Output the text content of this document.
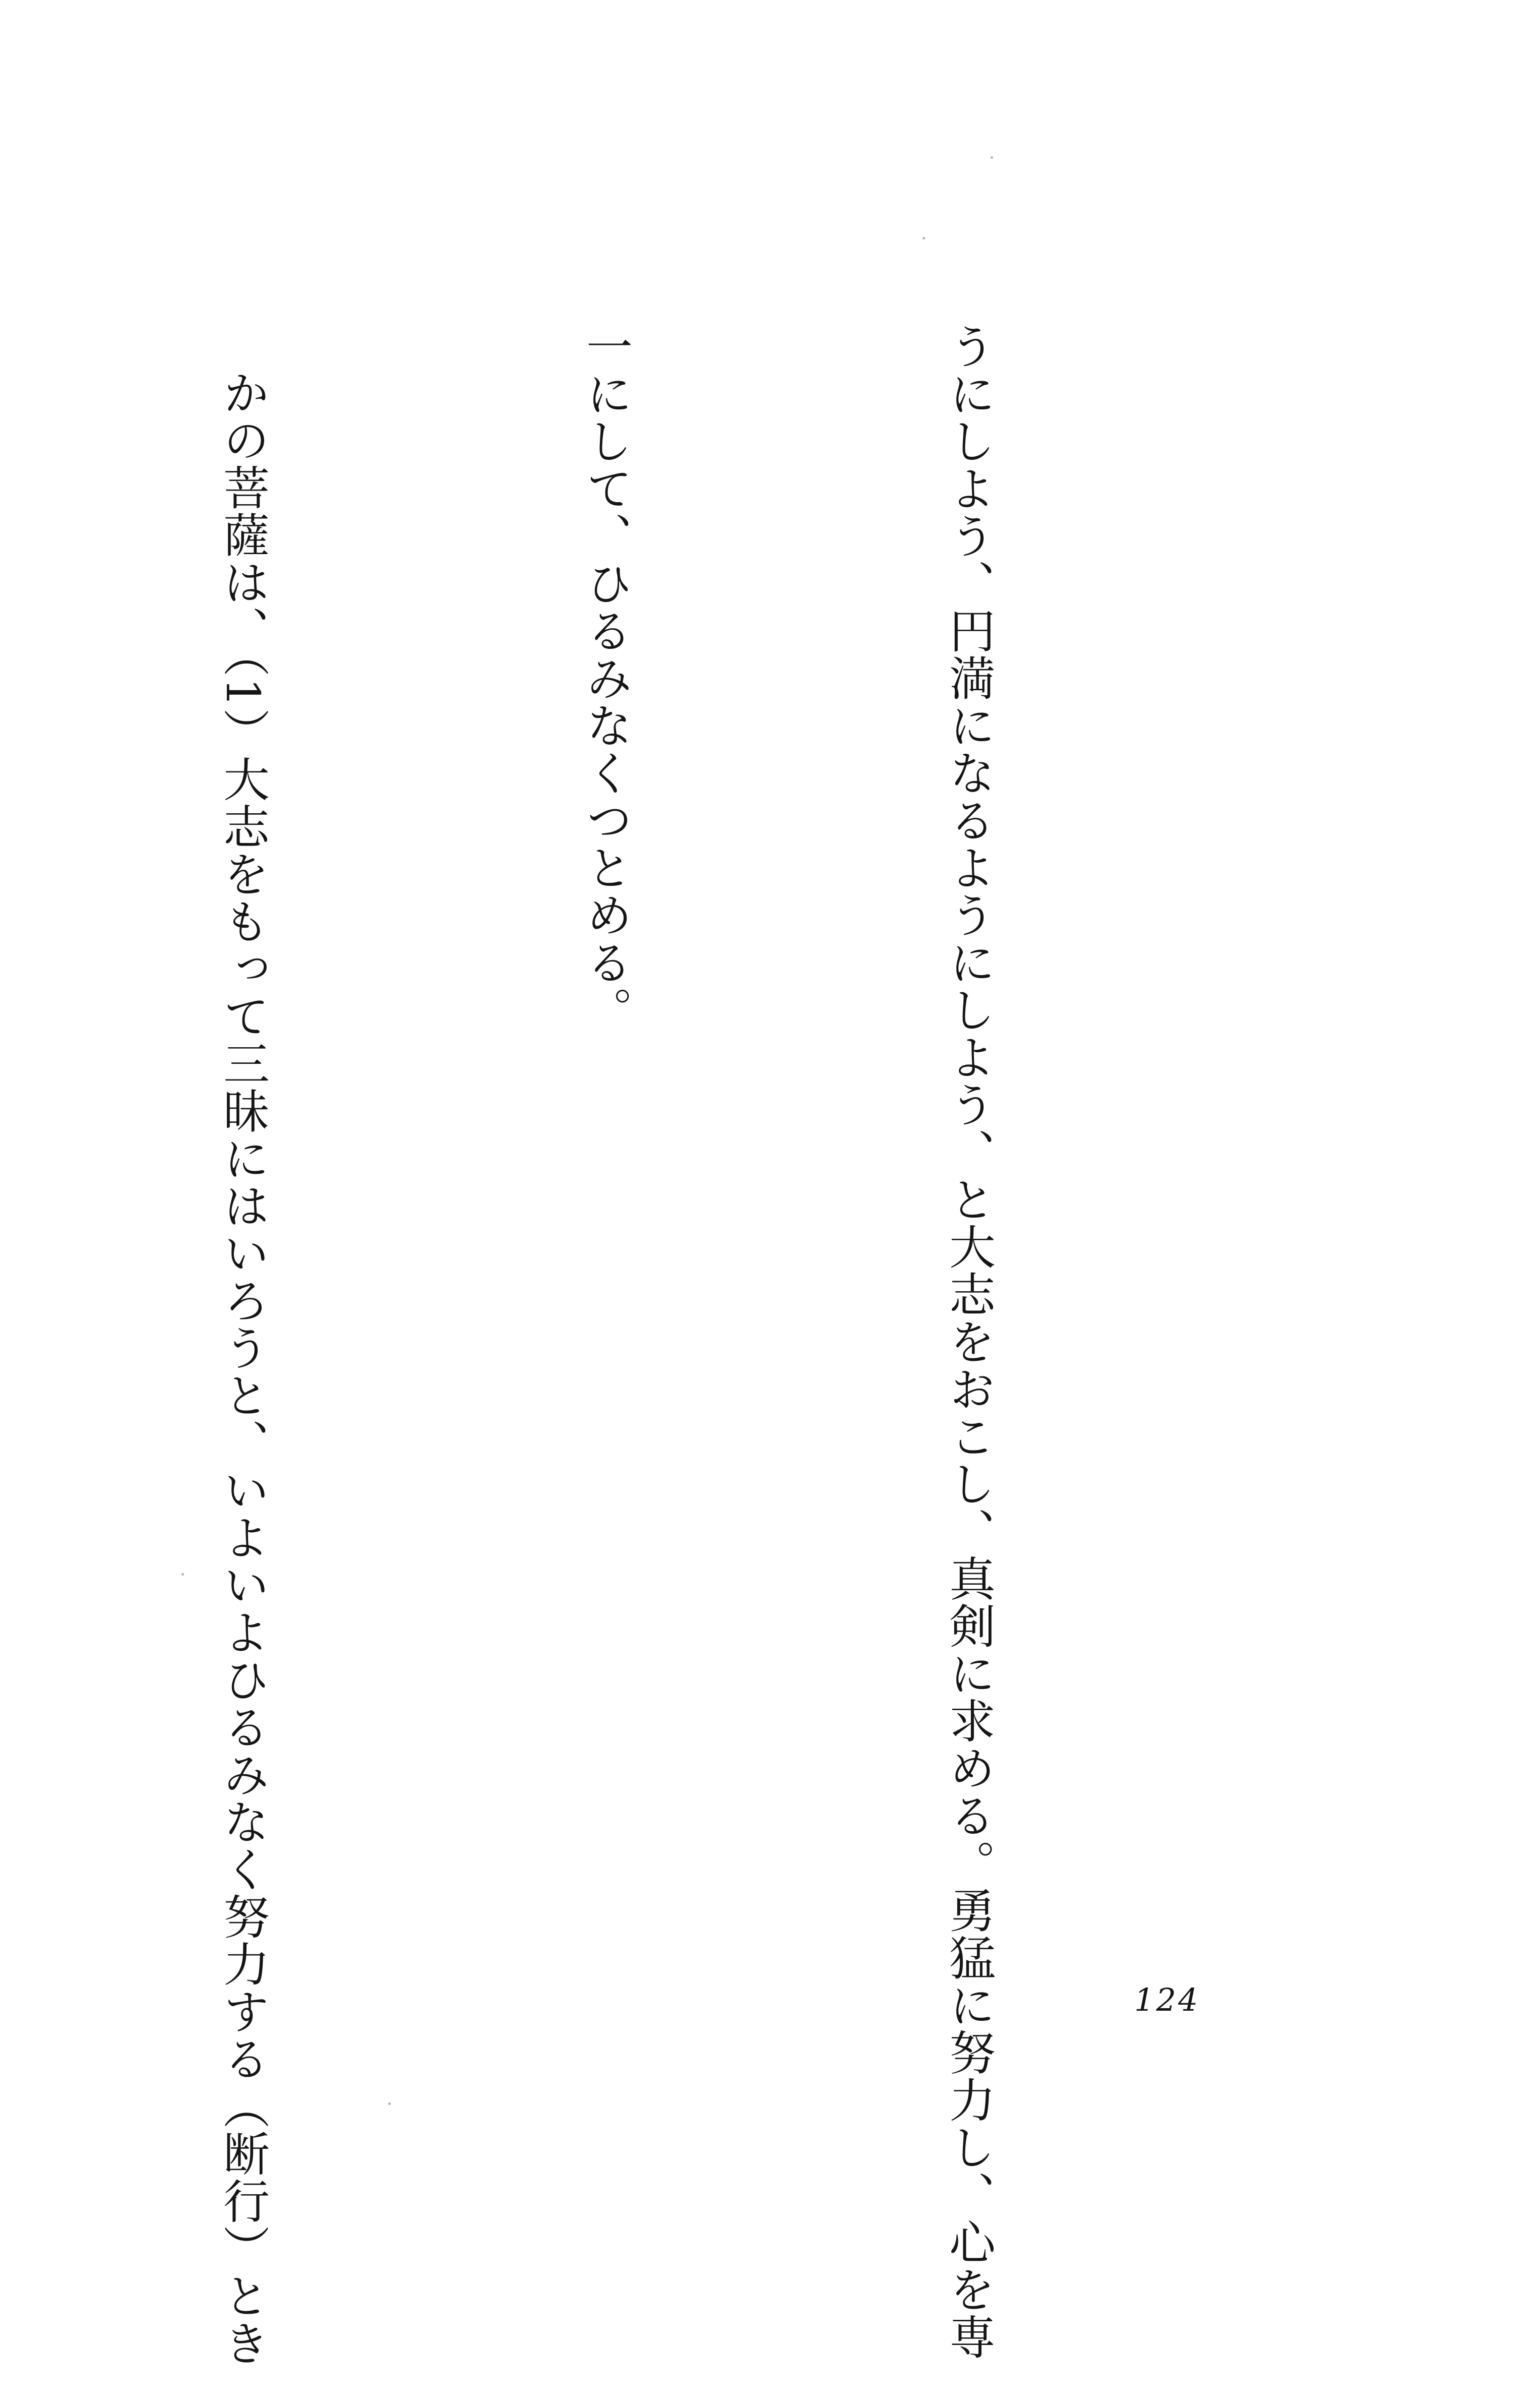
うにしよう、円満になるようにしよう、と大志をおこし、真剣に求める。勇猛に努力し、心を専

一にして、ひるみなくつとめる。

かの菩薩は、（1）大志をもって三昧にはいろうと、いよいよひるみなく努力する（断行）とき

	124
